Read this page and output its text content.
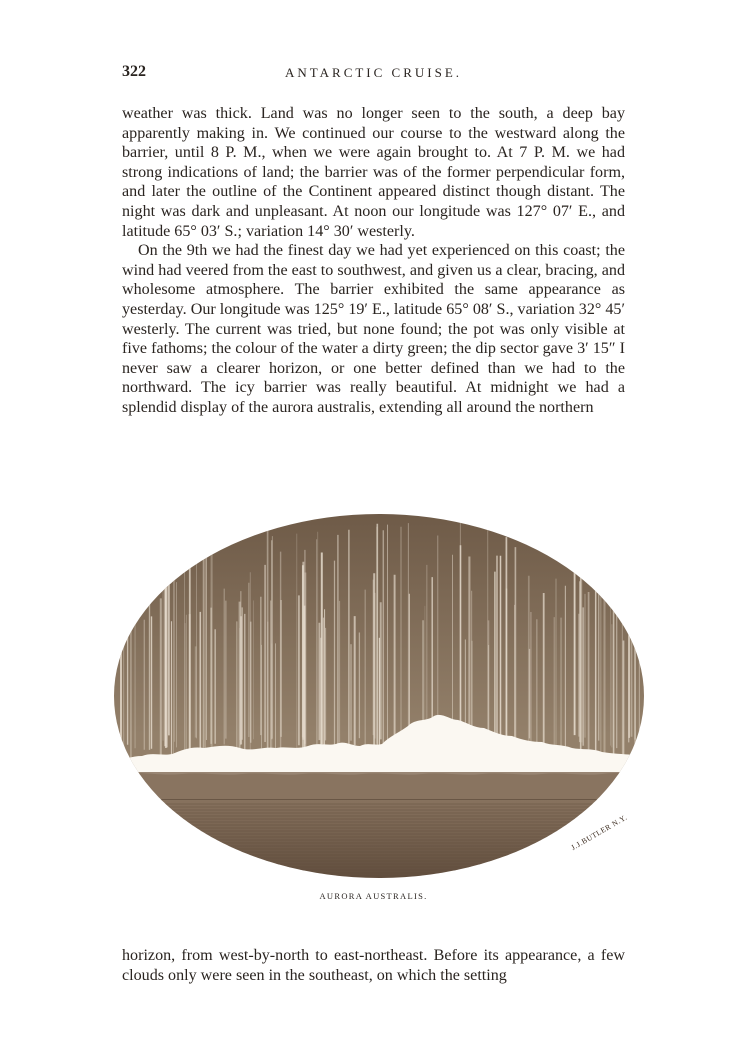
322	ANTARCTIC CRUISE.

weather was thick. Land was no longer seen to the south, a deep bay apparently making in. We continued our course to the westward along the barrier, until 8 P. M., when we were again brought to. At 7 P. M. we had strong indications of land; the barrier was of the former perpendicular form, and later the outline of the Continent appeared distinct though distant. The night was dark and unpleasant. At noon our longitude was 127° 07′ E., and latitude 65° 03′ S.; variation 14° 30′ westerly.

On the 9th we had the finest day we had yet experienced on this coast; the wind had veered from the east to southwest, and given us a clear, bracing, and wholesome atmosphere. The barrier exhibited the same appearance as yesterday. Our longitude was 125° 19′ E., latitude 65° 08′ S., variation 32° 45′ westerly. The current was tried, but none found; the pot was only visible at five fathoms; the colour of the water a dirty green; the dip sector gave 3′ 15″ I never saw a clearer horizon, or one better defined than we had to the northward. The icy barrier was really beautiful. At midnight we had a splendid display of the aurora australis, extending all around the northern

J.J.BUTLER N.Y.
AURORA AUSTRALIS.

horizon, from west-by-north to east-northeast. Before its appearance, a few clouds only were seen in the southeast, on which the setting
